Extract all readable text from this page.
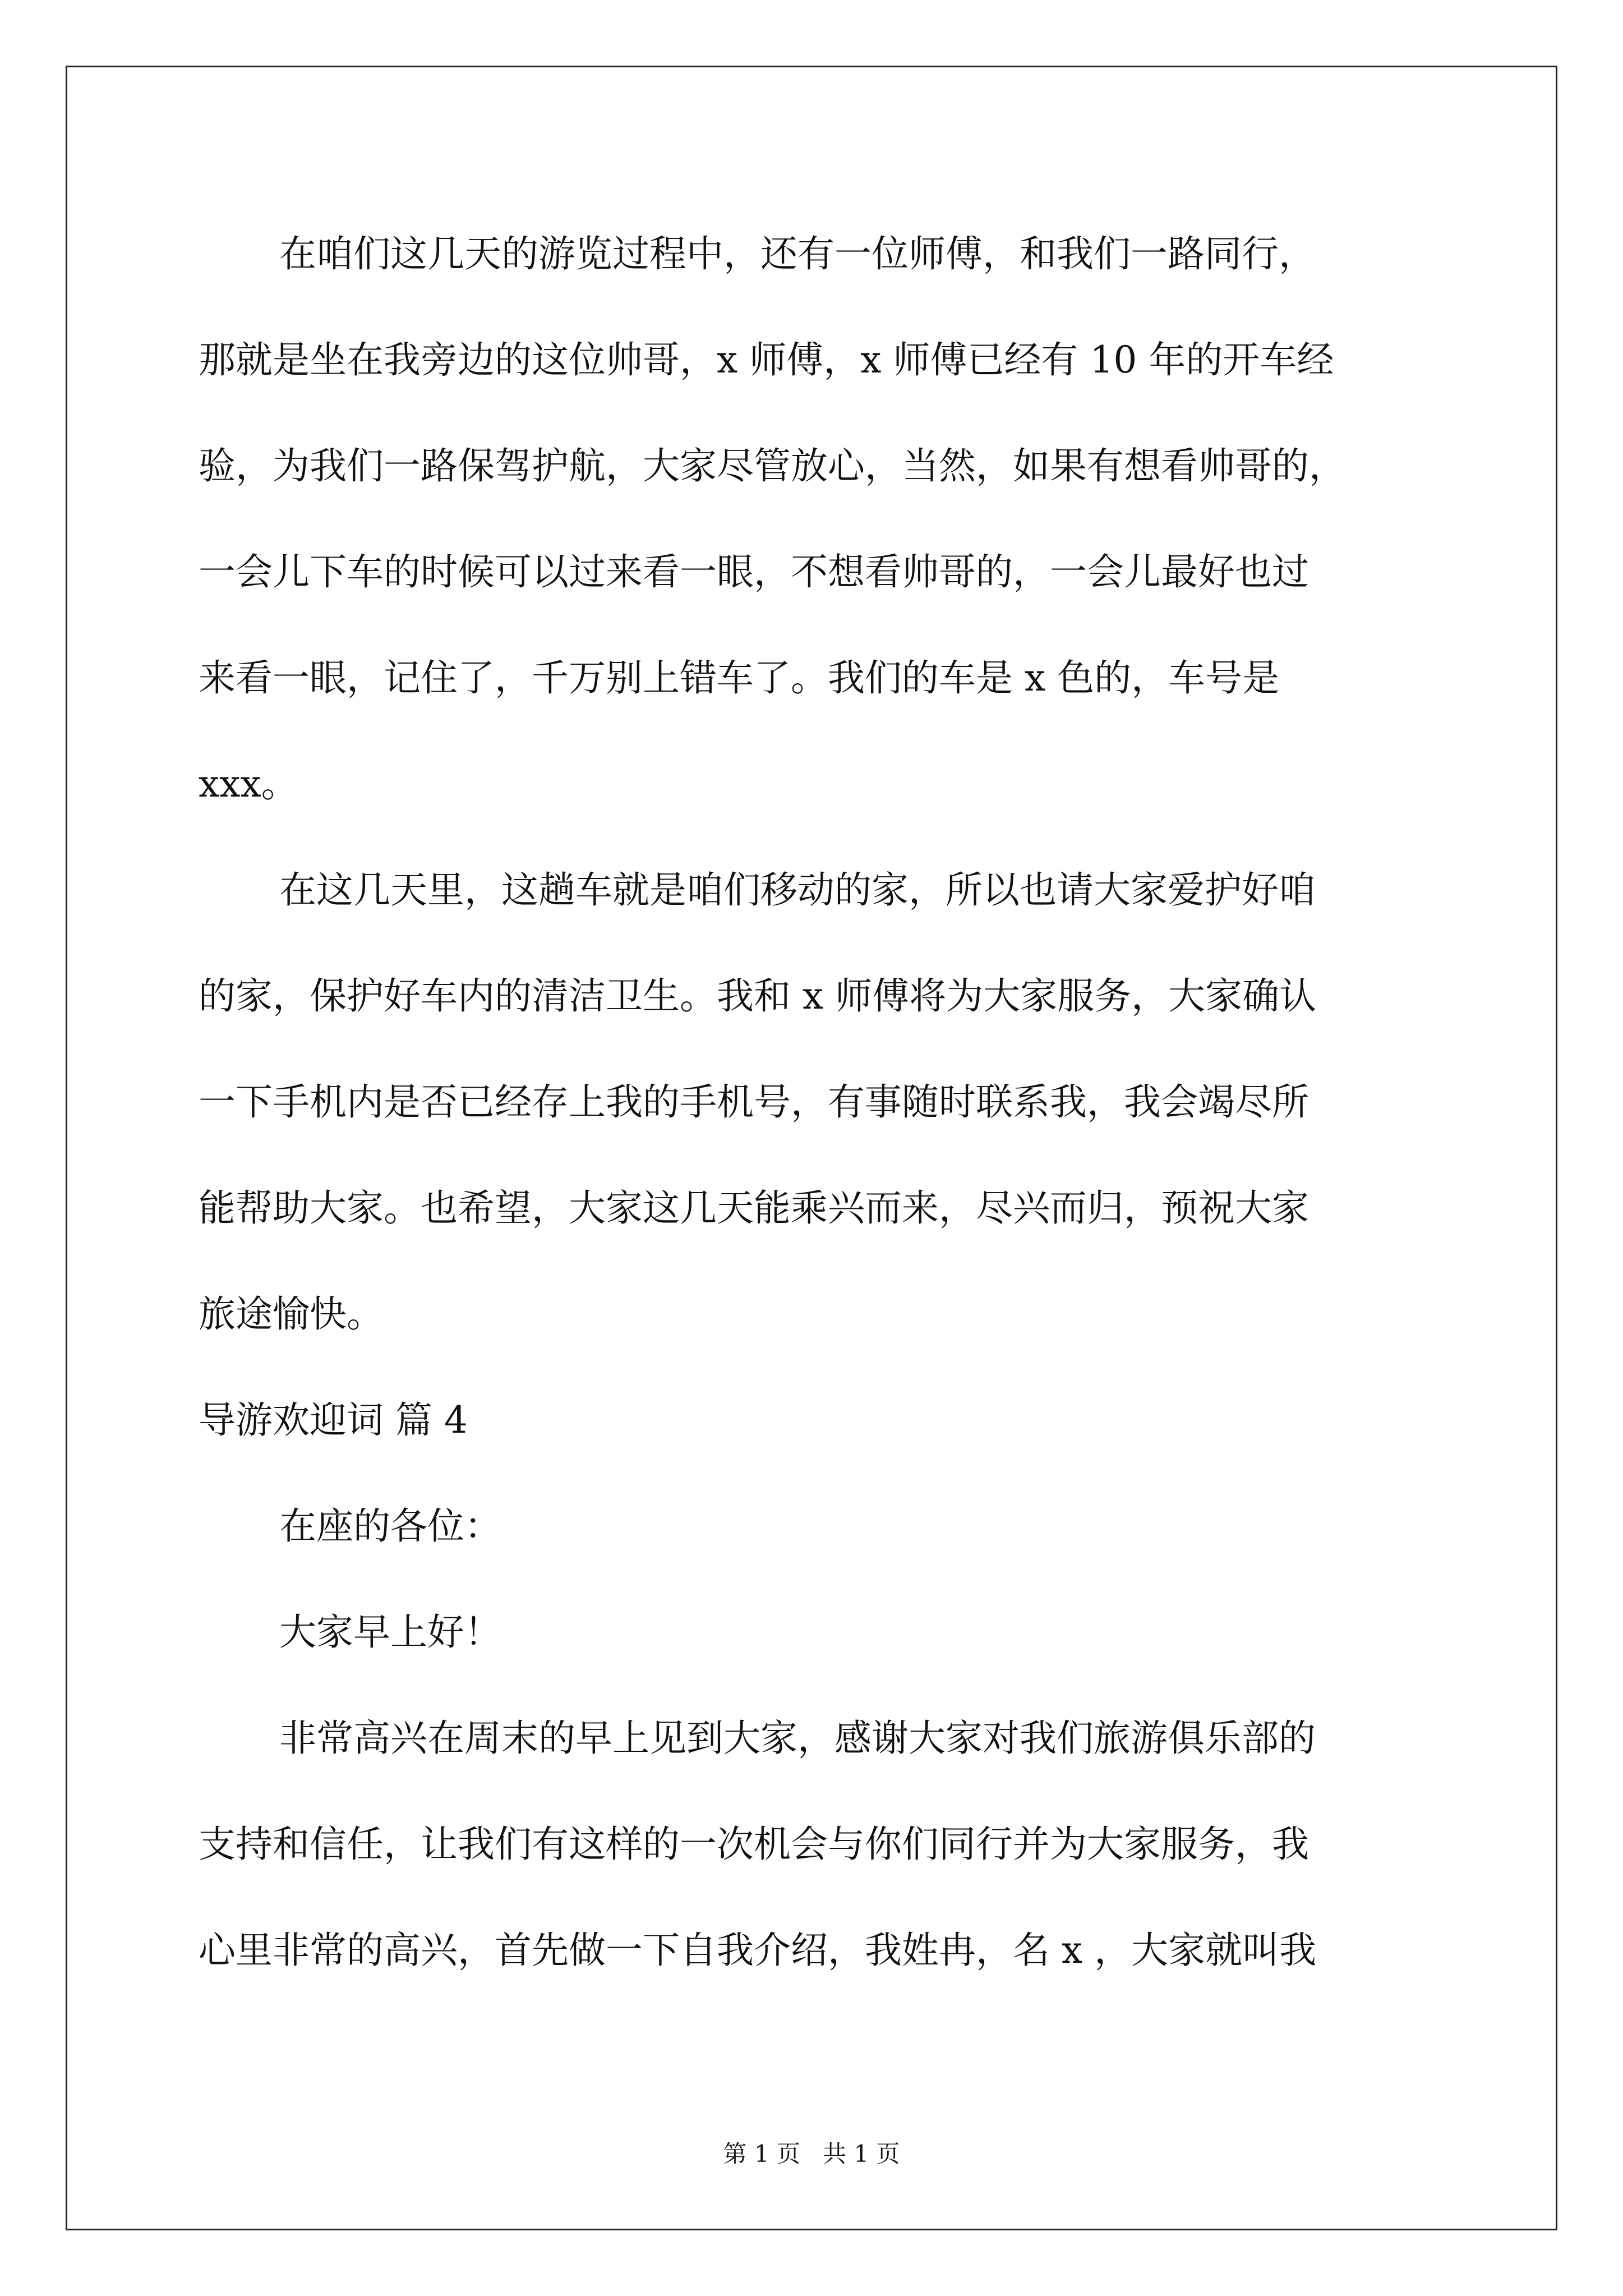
在咱们这几天的游览过程中，还有一位师傅，和我们一路同行，
那就是坐在我旁边的这位帅哥，x 师傅，x 师傅已经有 10 年的开车经
验，为我们一路保驾护航，大家尽管放心，当然，如果有想看帅哥的，
一会儿下车的时候可以过来看一眼，不想看帅哥的，一会儿最好也过
来看一眼，记住了，千万别上错车了。我们的车是 x 色的，车号是
xxx。
在这几天里，这趟车就是咱们移动的家，所以也请大家爱护好咱
的家，保护好车内的清洁卫生。我和 x 师傅将为大家服务，大家确认
一下手机内是否已经存上我的手机号，有事随时联系我，我会竭尽所
能帮助大家。也希望，大家这几天能乘兴而来，尽兴而归，预祝大家
旅途愉快。
导游欢迎词 篇 4
在座的各位：
大家早上好！
非常高兴在周末的早上见到大家，感谢大家对我们旅游俱乐部的
支持和信任，让我们有这样的一次机会与你们同行并为大家服务，我
心里非常的高兴，首先做一下自我介绍，我姓冉，名 x ，大家就叫我
第 1 页   共 1 页
